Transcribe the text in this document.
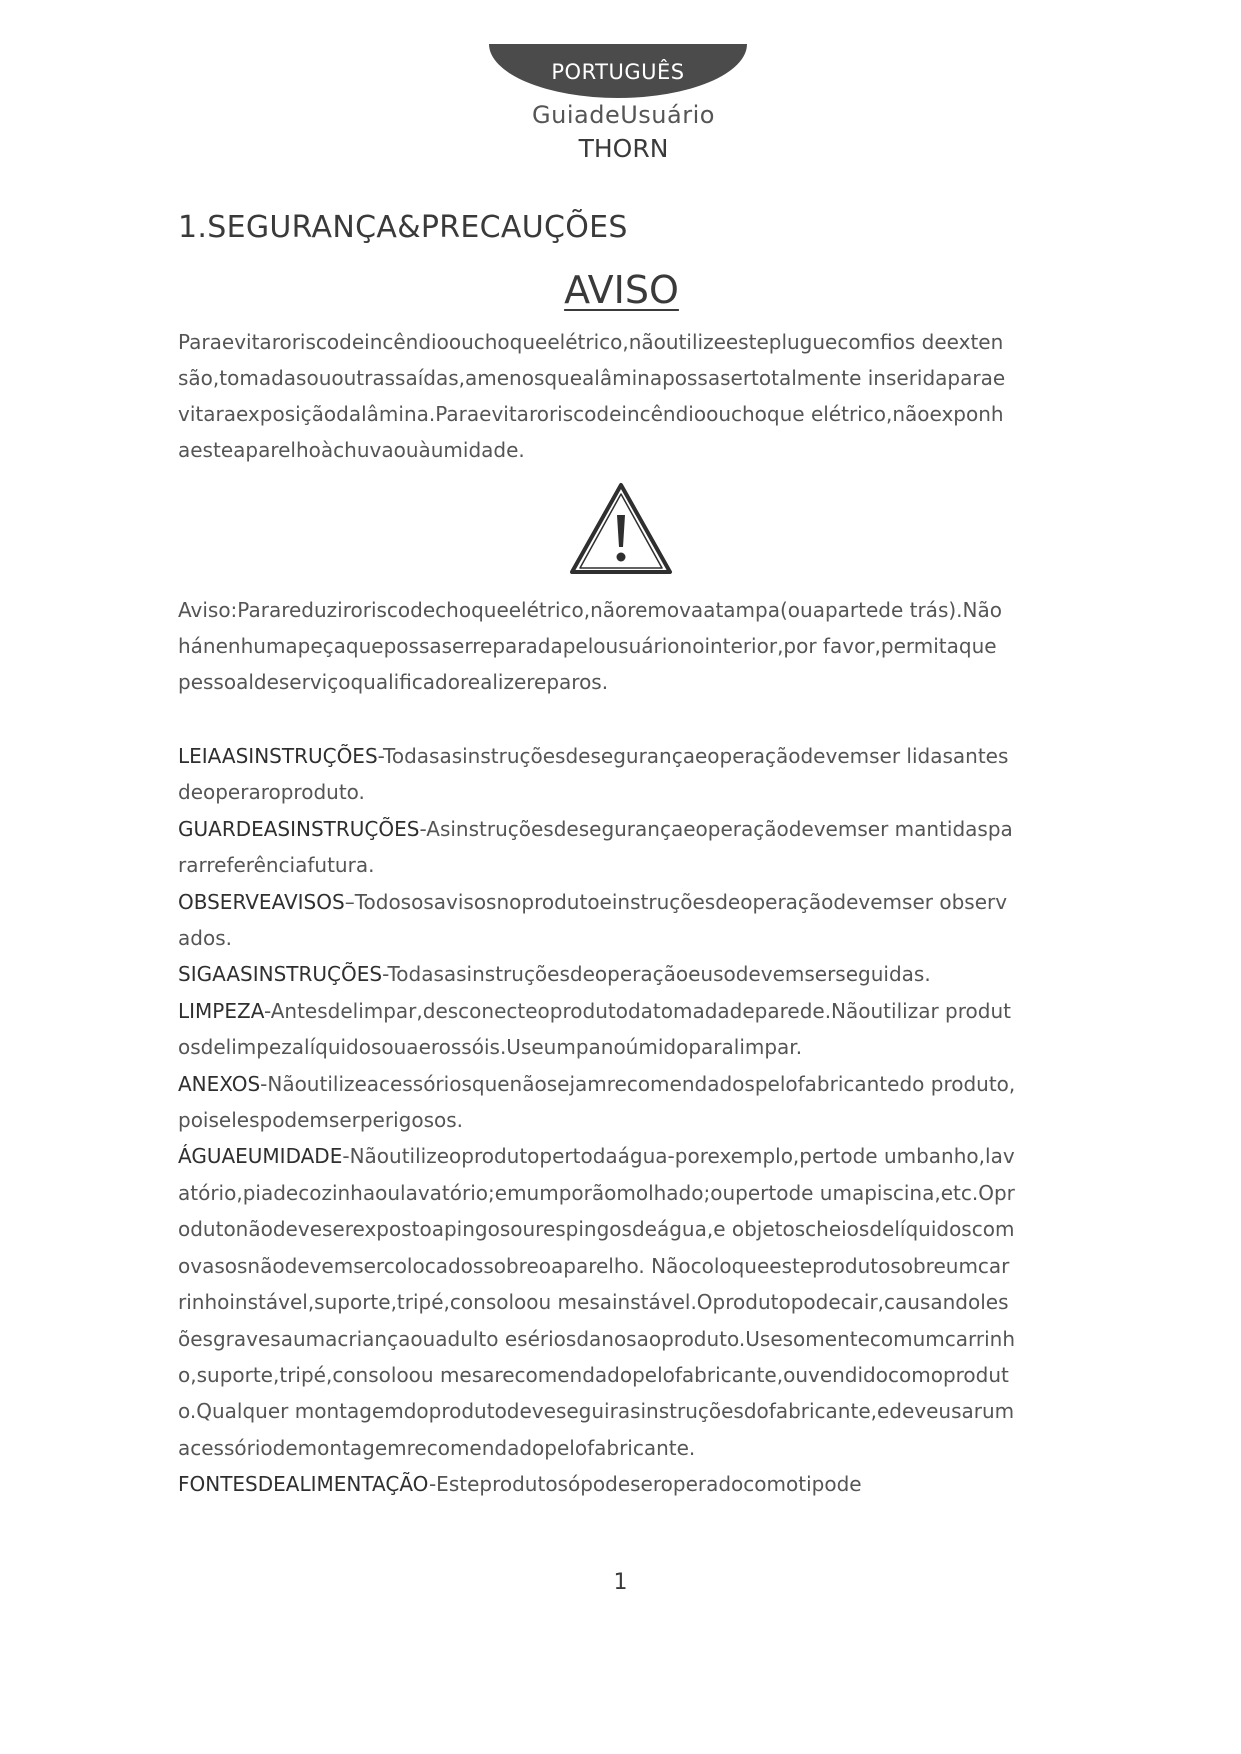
PORTUGUÊS
GuiadeUsuário
THORN
1.SEGURANÇA&PRECAUÇÕES
AVISO

Paraevitaroriscodeincêndioouchoqueelétrico,nãoutilizeestepluguecomfios deextensão,tomadasououtrassaídas,amenosquealâminapossasertotalmente inseridaparaevitaraexposiçãodalâmina.Paraevitaroriscodeincêndioouchoque elétrico,nãoexponhaesteaparelhoàchuvaouàumidade.

Aviso:Parareduziroriscodechoqueelétrico,nãoremovaatampa(ouapartede trás).Nãohánenhumapeçaquepossaserreparadapelousuárionointerior,por favor,permitaquepessoaldeserviçoqualificadorealizereparos.

LEIAASINSTRUÇÕES-Todasasinstruçõesdesegurançaeoperaçãodevemser lidasantesdeoperaroproduto.

GUARDEASINSTRUÇÕES-Asinstruçõesdesegurançaeoperaçãodevemser mantidaspararreferênciafutura.

OBSERVEAVISOS–Todososavisosnoprodutoeinstruçõesdeoperaçãodevemser observados.

SIGAASINSTRUÇÕES-Todasasinstruçõesdeoperaçãoeusodevemserseguidas.

LIMPEZA-Antesdelimpar,desconecteoprodutodatomadadeparede.Nãoutilizar produtosdelimpezalíquidosouaerossóis.Useumpanoúmidoparalimpar.

ANEXOS-Nãoutilizeacessóriosquenãosejamrecomendadospelofabricantedo produto,poiselespodemserperigosos.

ÁGUAEUMIDADE-Nãoutilizeoprodutopertodaágua-porexemplo,pertode umbanho,lavatório,piadecozinhaoulavatório;emumporãomolhado;oupertode umapiscina,etc.Oprodutonãodeveserexpostoapingosourespingosdeágua,e objetoscheiosdelíquidoscomovasosnãodevemsercolocadossobreoaparelho. Nãocoloqueesteprodutosobreumcarrinhoinstável,suporte,tripé,consoloou mesainstável.Oprodutopodecair,causandolesõesgravesaumacriançaouadulto esériosdanosaoproduto.Usesomentecomumcarrinho,suporte,tripé,consoloou mesarecomendadopelofabricante,ouvendidocomoproduto.Qualquer montagemdoprodutodeveseguirasinstruçõesdofabricante,edeveusarum acessóriodemontagemrecomendadopelofabricante.

FONTESDEALIMENTAÇÃO-Esteprodutosópodeseroperadocomotipode

1
